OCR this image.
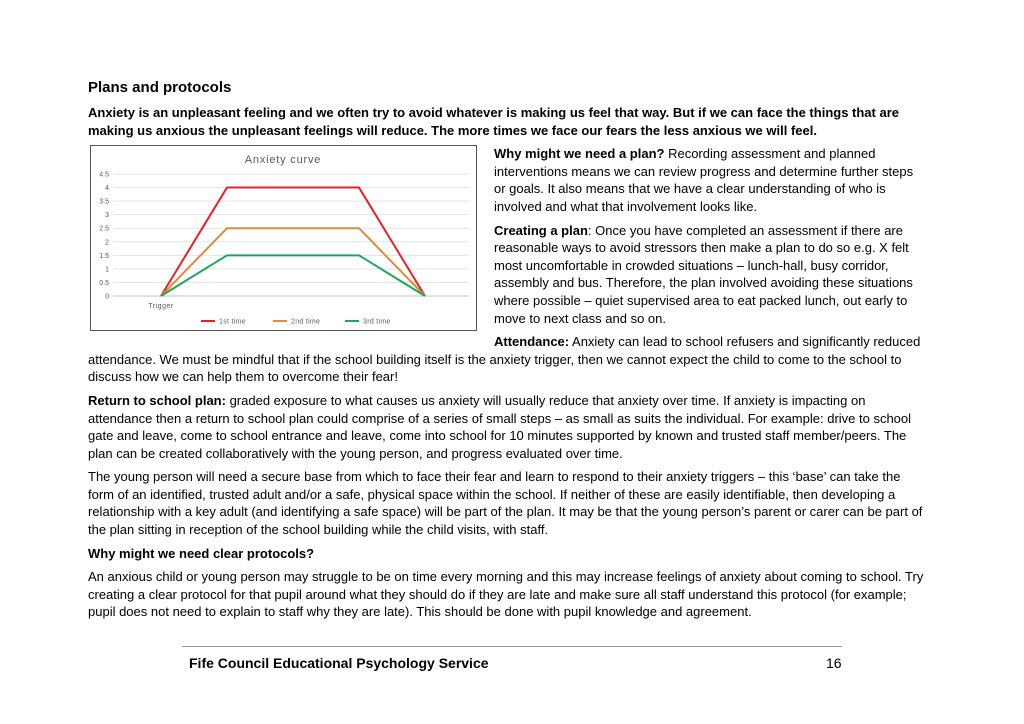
Plans and protocols

Anxiety is an unpleasant feeling and we often try to avoid whatever is making us feel that way. But if we can face the things that are making us anxious the unpleasant feelings will reduce. The more times we face our fears the less anxious we will feel.

Anxiety curve
0
0.5
1
1.5
2
2.5
3
3.5
4
4.5
Trigger
1st time	2nd time	3rd time

Why might we need a plan? Recording assessment and planned interventions means we can review progress and determine further steps or goals. It also means that we have a clear understanding of who is involved and what that involvement looks like.

Creating a plan: Once you have completed an assessment if there are reasonable ways to avoid stressors then make a plan to do so e.g. X felt most uncomfortable in crowded situations – lunch-hall, busy corridor, assembly and bus. Therefore, the plan involved avoiding these situations where possible – quiet supervised area to eat packed lunch, out early to move to next class and so on.

Attendance: Anxiety can lead to school refusers and significantly reduced attendance. We must be mindful that if the school building itself is the anxiety trigger, then we cannot expect the child to come to the school to discuss how we can help them to overcome their fear!

Return to school plan: graded exposure to what causes us anxiety will usually reduce that anxiety over time. If anxiety is impacting on attendance then a return to school plan could comprise of a series of small steps – as small as suits the individual. For example: drive to school gate and leave, come to school entrance and leave, come into school for 10 minutes supported by known and trusted staff member/peers. The plan can be created collaboratively with the young person, and progress evaluated over time.

The young person will need a secure base from which to face their fear and learn to respond to their anxiety triggers – this ‘base’ can take the form of an identified, trusted adult and/or a safe, physical space within the school. If neither of these are easily identifiable, then developing a relationship with a key adult (and identifying a safe space) will be part of the plan. It may be that the young person’s parent or carer can be part of the plan sitting in reception of the school building while the child visits, with staff.

Why might we need clear protocols?

An anxious child or young person may struggle to be on time every morning and this may increase feelings of anxiety about coming to school. Try creating a clear protocol for that pupil around what they should do if they are late and make sure all staff understand this protocol (for example; pupil does not need to explain to staff why they are late). This should be done with pupil knowledge and agreement.

Fife Council Educational Psychology Service	16
